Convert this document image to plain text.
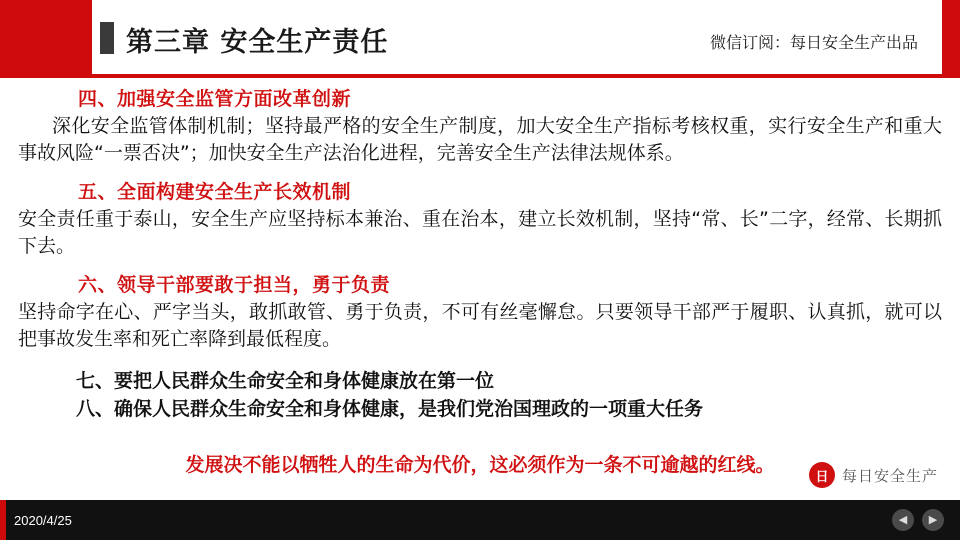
第三章 安全生产责任	微信订阅：每日安全生产出品
四、加强安全监管方面改革创新
深化安全监管体制机制；坚持最严格的安全生产制度，加大安全生产指标考核权重，实行安全生产和重大事故风险“一票否决”；加快安全生产法治化进程，完善安全生产法律法规体系。
五、全面构建安全生产长效机制
安全责任重于泰山，安全生产应坚持标本兼治、重在治本，建立长效机制，坚持“常、长”二字，经常、长期抓下去。
六、领导干部要敢于担当，勇于负责
坚持命字在心、严字当头，敢抓敢管、勇于负责，不可有丝毫懈怠。只要领导干部严于履职、认真抓，就可以把事故发生率和死亡率降到最低程度。
七、要把人民群众生命安全和身体健康放在第一位
八、确保人民群众生命安全和身体健康，是我们党治国理政的一项重大任务
发展决不能以牺牲人的生命为代价，这必须作为一条不可逾越的红线。
日 每日安全生产
2020/4/25	◀	▶
